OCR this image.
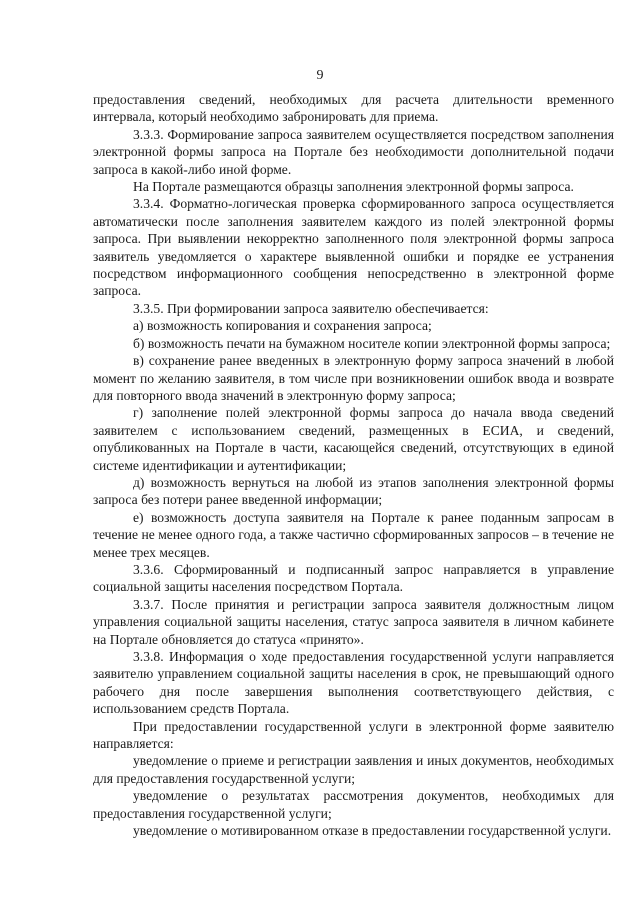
9

предоставления сведений, необходимых для расчета длительности временного интервала, который необходимо забронировать для приема.

3.3.3. Формирование запроса заявителем осуществляется посредством заполнения электронной формы запроса на Портале без необходимости дополнительной подачи запроса в какой-либо иной форме.

На Портале размещаются образцы заполнения электронной формы запроса.

3.3.4. Форматно-логическая проверка сформированного запроса осуществляется автоматически после заполнения заявителем каждого из полей электронной формы запроса. При выявлении некорректно заполненного поля электронной формы запроса заявитель уведомляется о характере выявленной ошибки и порядке ее устранения посредством информационного сообщения непосредственно в электронной форме запроса.

3.3.5. При формировании запроса заявителю обеспечивается:

а) возможность копирования и сохранения запроса;

б) возможность печати на бумажном носителе копии электронной формы запроса;

в) сохранение ранее введенных в электронную форму запроса значений в любой момент по желанию заявителя, в том числе при возникновении ошибок ввода и возврате для повторного ввода значений в электронную форму запроса;

г) заполнение полей электронной формы запроса до начала ввода сведений заявителем с использованием сведений, размещенных в ЕСИА, и сведений, опубликованных на Портале в части, касающейся сведений, отсутствующих в единой системе идентификации и аутентификации;

д) возможность вернуться на любой из этапов заполнения электронной формы запроса без потери ранее введенной информации;

е) возможность доступа заявителя на Портале к ранее поданным запросам в течение не менее одного года, а также частично сформированных запросов – в течение не менее трех месяцев.

3.3.6. Сформированный и подписанный запрос направляется в управление социальной защиты населения посредством Портала.

3.3.7. После принятия и регистрации запроса заявителя должностным лицом управления социальной защиты населения, статус запроса заявителя в личном кабинете на Портале обновляется до статуса «принято».

3.3.8. Информация о ходе предоставления государственной услуги направляется заявителю управлением социальной защиты населения в срок, не превышающий одного рабочего дня после завершения выполнения соответствующего действия, с использованием средств Портала.

При предоставлении государственной услуги в электронной форме заявителю направляется:

уведомление о приеме и регистрации заявления и иных документов, необходимых для предоставления государственной услуги;

уведомление о результатах рассмотрения документов, необходимых для предоставления государственной услуги;

уведомление о мотивированном отказе в предоставлении государственной услуги.
